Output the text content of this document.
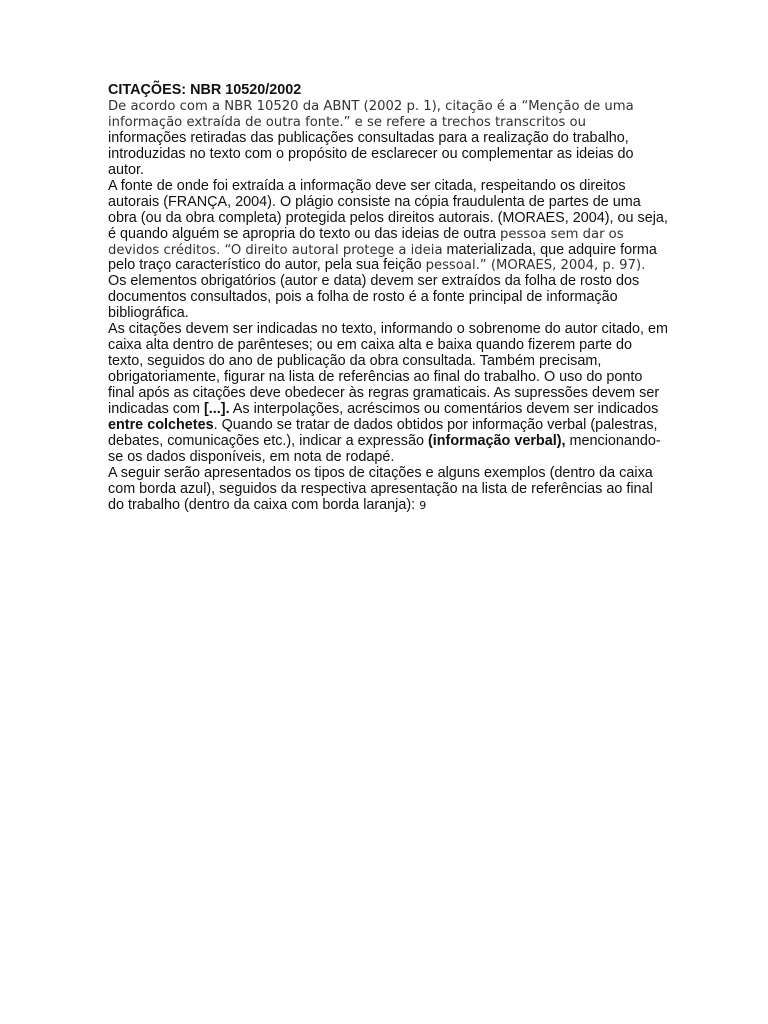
CITAÇÕES: NBR 10520/2002

De acordo com a NBR 10520 da ABNT (2002 p. 1), citação é a “Menção de uma informação extraída de outra fonte.” e se refere a trechos transcritos ou informações retiradas das publicações consultadas para a realização do trabalho, introduzidas no texto com o propósito de esclarecer ou complementar as ideias do autor.

A fonte de onde foi extraída a informação deve ser citada, respeitando os direitos autorais (FRANÇA, 2004). O plágio consiste na cópia fraudulenta de partes de uma obra (ou da obra completa) protegida pelos direitos autorais. (MORAES, 2004), ou seja, é quando alguém se apropria do texto ou das ideias de outra pessoa sem dar os devidos créditos. “O direito autoral protege a ideia materializada, que adquire forma pelo traço característico do autor, pela sua feição pessoal.” (MORAES, 2004, p. 97).

Os elementos obrigatórios (autor e data) devem ser extraídos da folha de rosto dos documentos consultados, pois a folha de rosto é a fonte principal de informação bibliográfica.

As citações devem ser indicadas no texto, informando o sobrenome do autor citado, em caixa alta dentro de parênteses; ou em caixa alta e baixa quando fizerem parte do texto, seguidos do ano de publicação da obra consultada. Também precisam, obrigatoriamente, figurar na lista de referências ao final do trabalho. O uso do ponto final após as citações deve obedecer às regras gramaticais. As supressões devem ser indicadas com [...]. As interpolações, acréscimos ou comentários devem ser indicados entre colchetes. Quando se tratar de dados obtidos por informação verbal (palestras, debates, comunicações etc.), indicar a expressão (informação verbal), mencionando-se os dados disponíveis, em nota de rodapé.

A seguir serão apresentados os tipos de citações e alguns exemplos (dentro da caixa com borda azul), seguidos da respectiva apresentação na lista de referências ao final do trabalho (dentro da caixa com borda laranja): 9
